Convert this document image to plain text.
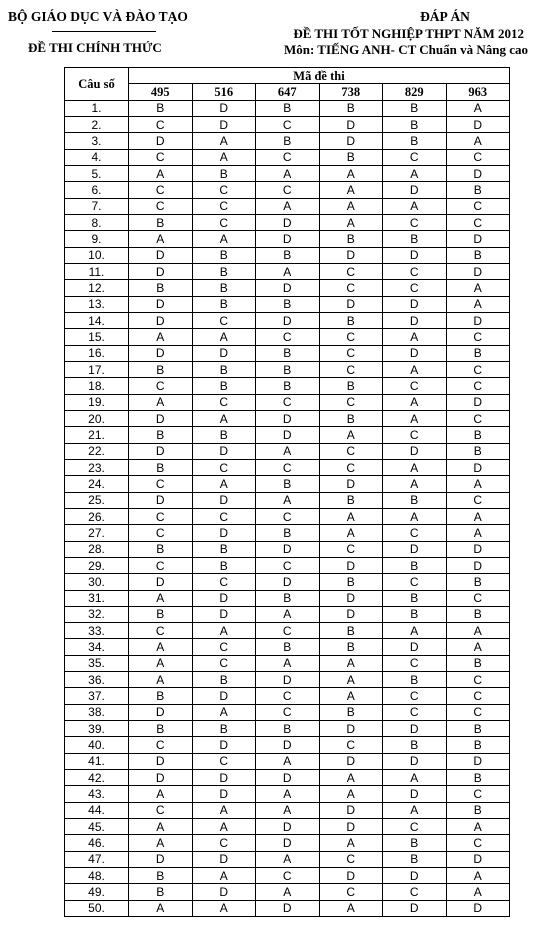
BỘ GIÁO DỤC VÀ ĐÀO TẠO
ĐỀ THI CHÍNH THỨC
ĐÁP ÁN
ĐỀ THI TỐT NGHIỆP THPT NĂM 2012
Môn: TIẾNG ANH- CT Chuẩn và Nâng cao
Câu số	Mã đề thi					
	495	516	647	738	829	963
1.	B	D	B	B	B	A
2.	C	D	C	D	B	D
3.	D	A	B	D	B	A
4.	C	A	C	B	C	C
5.	A	B	A	A	A	D
6.	C	C	C	A	D	B
7.	C	C	A	A	A	C
8.	B	C	D	A	C	C
9.	A	A	D	B	B	D
10.	D	B	B	D	D	B
11.	D	B	A	C	C	D
12.	B	B	D	C	C	A
13.	D	B	B	D	D	A
14.	D	C	D	B	D	D
15.	A	A	C	C	A	C
16.	D	D	B	C	D	B
17.	B	B	B	C	A	C
18.	C	B	B	B	C	C
19.	A	C	C	C	A	D
20.	D	A	D	B	A	C
21.	B	B	D	A	C	B
22.	D	D	A	C	D	B
23.	B	C	C	C	A	D
24.	C	A	B	D	A	A
25.	D	D	A	B	B	C
26.	C	C	C	A	A	A
27.	C	D	B	A	C	A
28.	B	B	D	C	D	D
29.	C	B	C	D	B	D
30.	D	C	D	B	C	B
31.	A	D	B	D	B	C
32.	B	D	A	D	B	B
33.	C	A	C	B	A	A
34.	A	C	B	B	D	A
35.	A	C	A	A	C	B
36.	A	B	D	A	B	C
37.	B	D	C	A	C	C
38.	D	A	C	B	C	C
39.	B	B	B	D	D	B
40.	C	D	D	C	B	B
41.	D	C	A	D	D	D
42.	D	D	D	A	A	B
43.	A	D	A	A	D	C
44.	C	A	A	D	A	B
45.	A	A	D	D	C	A
46.	A	C	D	A	B	C
47.	D	D	A	C	B	D
48.	B	A	C	D	D	A
49.	B	D	A	C	C	A
50.	A	A	D	A	D	D
